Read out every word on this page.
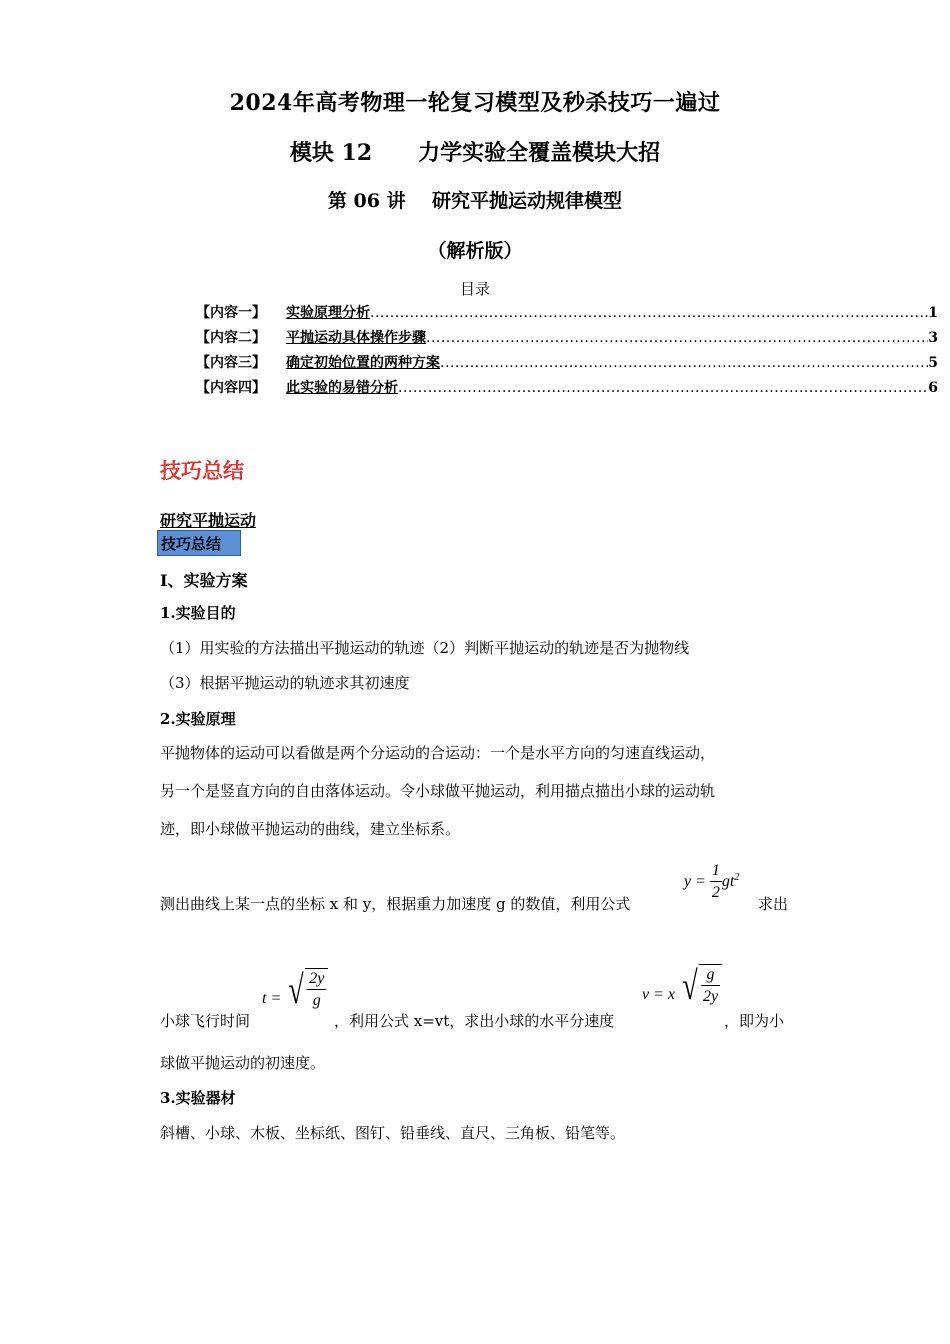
2024年高考物理一轮复习模型及秒杀技巧一遍过
模块 12      力学实验全覆盖模块大招
第 06 讲    研究平抛运动规律模型
（解析版）
目录
【内容一】	实验原理分析 .....	1
【内容二】	平抛运动具体操作步骤 .....	3
【内容三】	确定初始位置的两种方案 .....	5
【内容四】	此实验的易错分析 .....	6
技巧总结
研究平抛运动
技巧总结
Ⅰ、实验方案
1.实验目的
（1）用实验的方法描出平抛运动的轨迹（2）判断平抛运动的轨迹是否为抛物线
（3）根据平抛运动的轨迹求其初速度
2.实验原理
平抛物体的运动可以看做是两个分运动的合运动：一个是水平方向的匀速直线运动，
另一个是竖直方向的自由落体运动。令小球做平抛运动，利用描点描出小球的运动轨
迹，即小球做平抛运动的曲线，建立坐标系。
测出曲线上某一点的坐标 x 和 y，根据重力加速度 g 的数值，利用公式
$y = \frac{1}{2} gt^2$
求出
小球飞行时间
t = √ $\frac{2y}{g}$
，利用公式 x=vt，求出小球的水平分速度
v = x √ $\frac{g}{2y}$
，即为小
球做平抛运动的初速度。
3.实验器材
斜槽、小球、木板、坐标纸、图钉、铅垂线、直尺、三角板、铅笔等。
